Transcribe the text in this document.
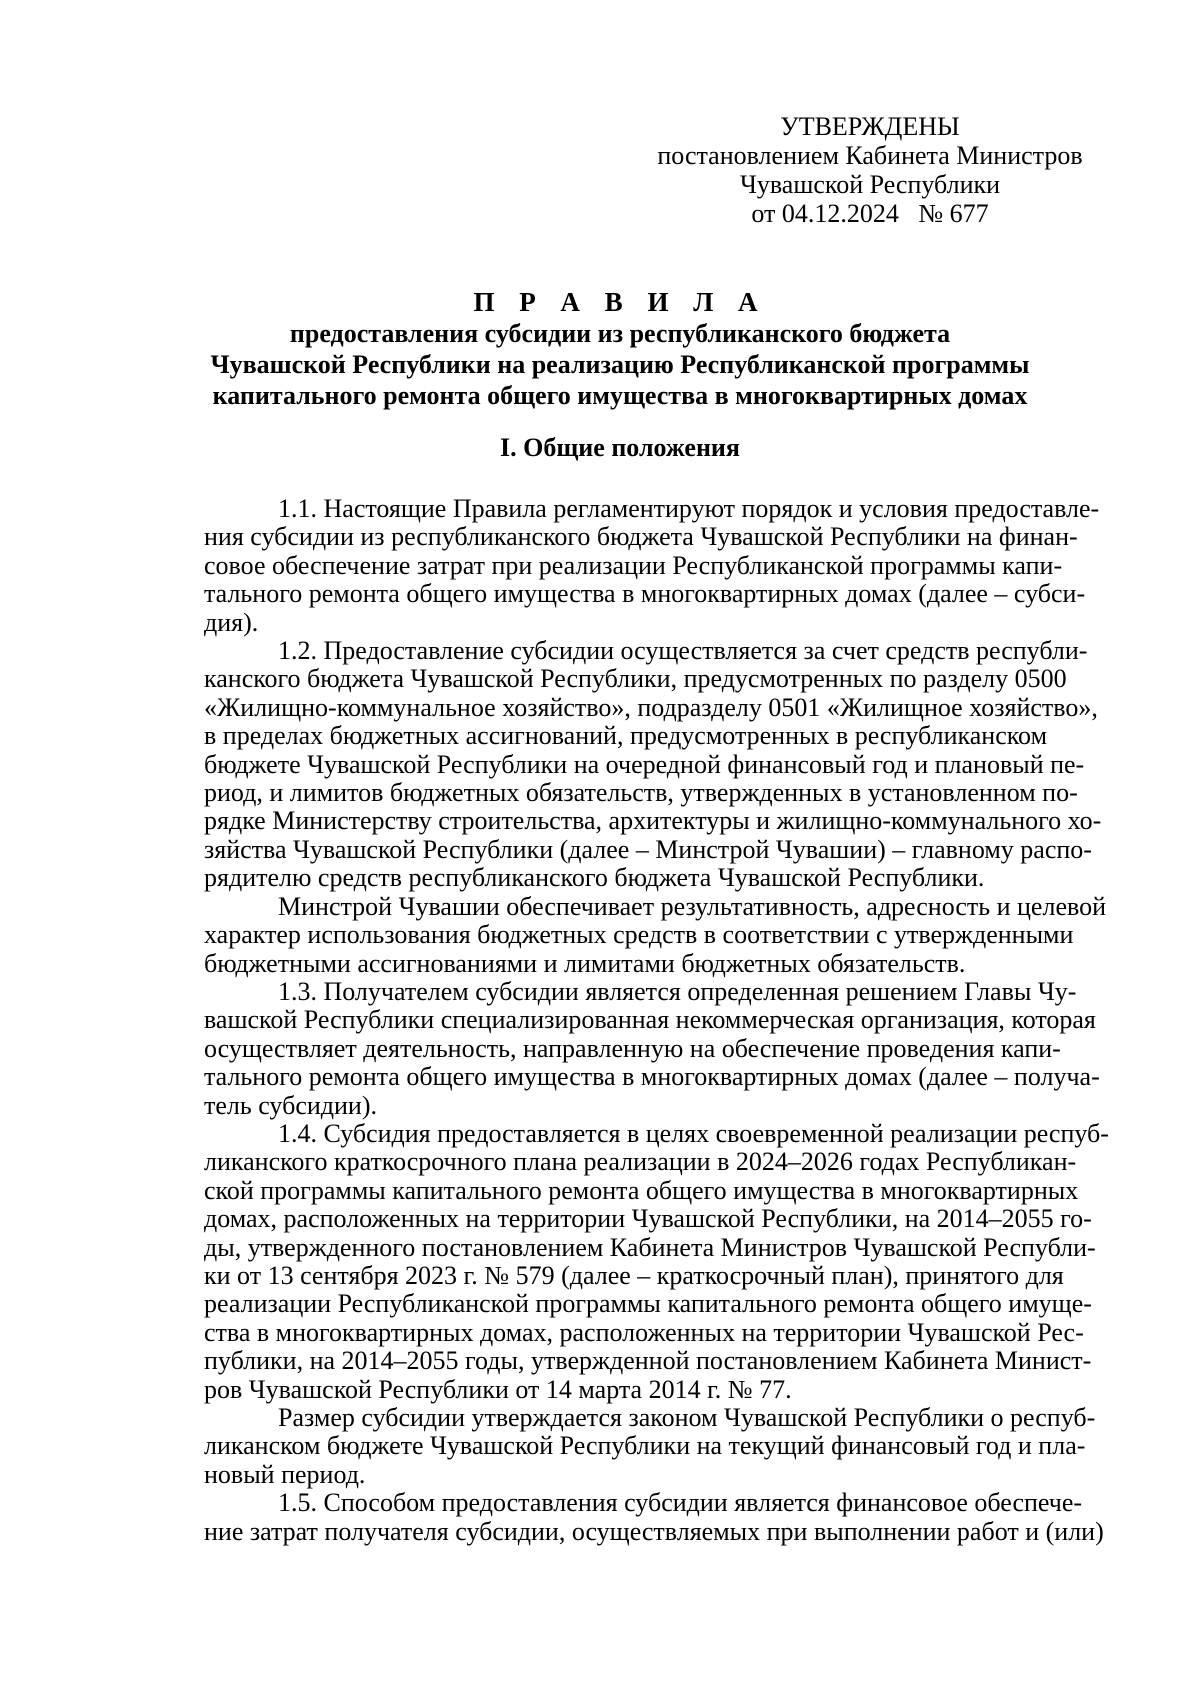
УТВЕРЖДЕНЫ
постановлением Кабинета Министров
Чувашской Республики
от 04.12.2024   № 677
П Р А В И Л А
предоставления субсидии из республиканского бюджета
Чувашской Республики на реализацию Республиканской программы
капитального ремонта общего имущества в многоквартирных домах
I. Общие положения

1.1. Настоящие Правила регламентируют порядок и условия предоставле-
ния субсидии из республиканского бюджета Чувашской Республики на финан-
совое обеспечение затрат при реализации Республиканской программы капи-
тального ремонта общего имущества в многоквартирных домах (далее – субси-
дия).

1.2. Предоставление субсидии осуществляется за счет средств республи-
канского бюджета Чувашской Республики, предусмотренных по разделу 0500
«Жилищно-коммунальное хозяйство», подразделу 0501 «Жилищное хозяйство»,
в пределах бюджетных ассигнований, предусмотренных в республиканском
бюджете Чувашской Республики на очередной финансовый год и плановый пе-
риод, и лимитов бюджетных обязательств, утвержденных в установленном по-
рядке Министерству строительства, архитектуры и жилищно-коммунального хо-
зяйства Чувашской Республики (далее – Минстрой Чувашии) – главному распо-
рядителю средств республиканского бюджета Чувашской Республики.

Минстрой Чувашии обеспечивает результативность, адресность и целевой
характер использования бюджетных средств в соответствии с утвержденными
бюджетными ассигнованиями и лимитами бюджетных обязательств.

1.3. Получателем субсидии является определенная решением Главы Чу-
вашской Республики специализированная некоммерческая организация, которая
осуществляет деятельность, направленную на обеспечение проведения капи-
тального ремонта общего имущества в многоквартирных домах (далее – получа-
тель субсидии).

1.4. Субсидия предоставляется в целях своевременной реализации респуб-
ликанского краткосрочного плана реализации в 2024–2026 годах Республикан-
ской программы капитального ремонта общего имущества в многоквартирных
домах, расположенных на территории Чувашской Республики, на 2014–2055 го-
ды, утвержденного постановлением Кабинета Министров Чувашской Республи-
ки от 13 сентября 2023 г. № 579 (далее – краткосрочный план), принятого для
реализации Республиканской программы капитального ремонта общего имуще-
ства в многоквартирных домах, расположенных на территории Чувашской Рес-
публики, на 2014–2055 годы, утвержденной постановлением Кабинета Минист-
ров Чувашской Республики от 14 марта 2014 г. № 77.

Размер субсидии утверждается законом Чувашской Республики о респуб-
ликанском бюджете Чувашской Республики на текущий финансовый год и пла-
новый период.

1.5. Способом предоставления субсидии является финансовое обеспече-
ние затрат получателя субсидии, осуществляемых при выполнении работ и (или)
